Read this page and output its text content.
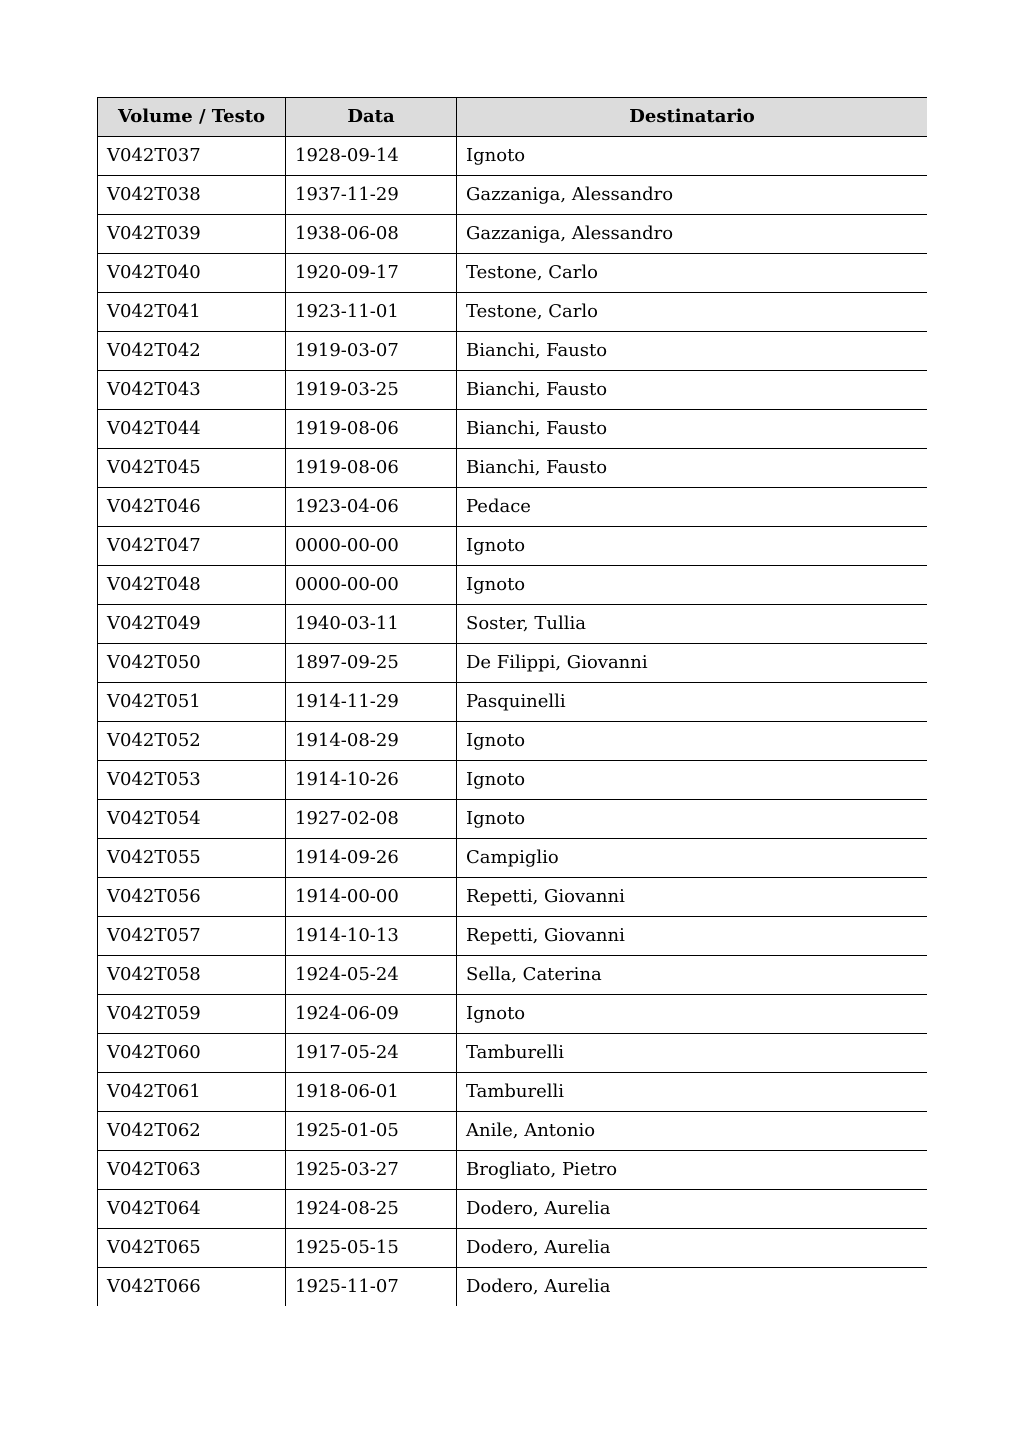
Volume / Testo	Data	Destinatario
V042T037	1928-09-14	Ignoto
V042T038	1937-11-29	Gazzaniga, Alessandro
V042T039	1938-06-08	Gazzaniga, Alessandro
V042T040	1920-09-17	Testone, Carlo
V042T041	1923-11-01	Testone, Carlo
V042T042	1919-03-07	Bianchi, Fausto
V042T043	1919-03-25	Bianchi, Fausto
V042T044	1919-08-06	Bianchi, Fausto
V042T045	1919-08-06	Bianchi, Fausto
V042T046	1923-04-06	Pedace
V042T047	0000-00-00	Ignoto
V042T048	0000-00-00	Ignoto
V042T049	1940-03-11	Soster, Tullia
V042T050	1897-09-25	De Filippi, Giovanni
V042T051	1914-11-29	Pasquinelli
V042T052	1914-08-29	Ignoto
V042T053	1914-10-26	Ignoto
V042T054	1927-02-08	Ignoto
V042T055	1914-09-26	Campiglio
V042T056	1914-00-00	Repetti, Giovanni
V042T057	1914-10-13	Repetti, Giovanni
V042T058	1924-05-24	Sella, Caterina
V042T059	1924-06-09	Ignoto
V042T060	1917-05-24	Tamburelli
V042T061	1918-06-01	Tamburelli
V042T062	1925-01-05	Anile, Antonio
V042T063	1925-03-27	Brogliato, Pietro
V042T064	1924-08-25	Dodero, Aurelia
V042T065	1925-05-15	Dodero, Aurelia
V042T066	1925-11-07	Dodero, Aurelia
